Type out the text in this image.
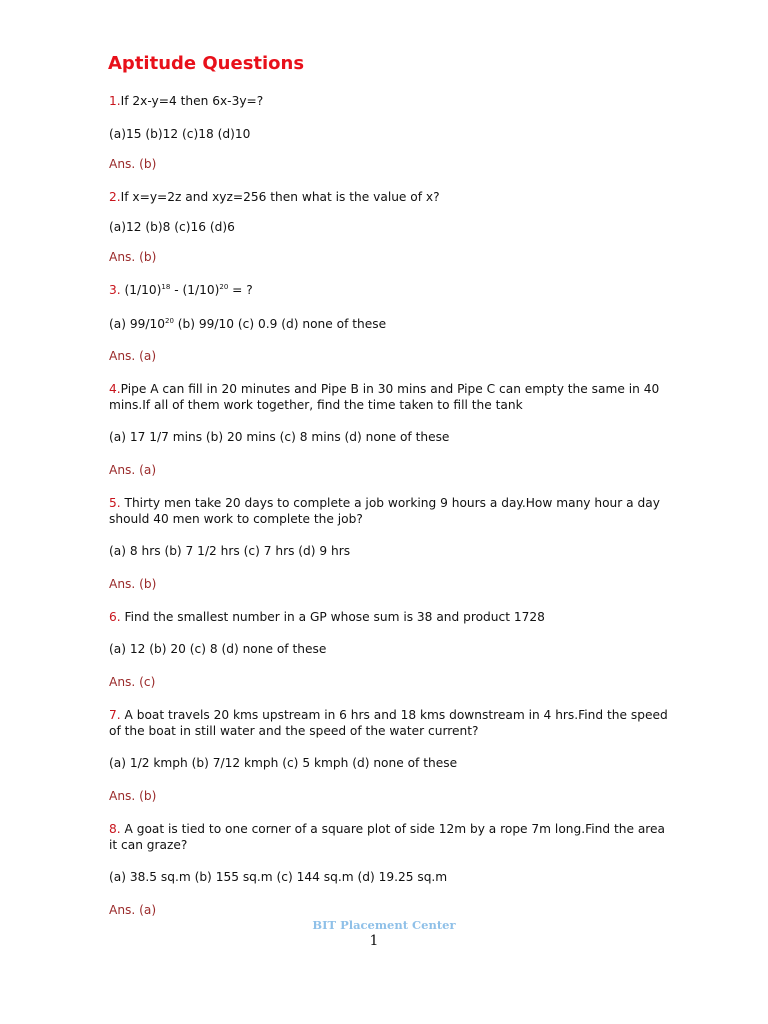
Aptitude Questions

1.If 2x-y=4 then 6x-3y=?

(a)15 (b)12 (c)18 (d)10

Ans. (b)

2.If x=y=2z and xyz=256 then what is the value of x?

(a)12 (b)8 (c)16 (d)6

Ans. (b)

3. $(1/10)^{18} - (1/10)^{20}$ = ?

(a) $99/10^{20}$ (b) 99/10 (c) 0.9 (d) none of these

Ans. (a)

4.Pipe A can fill in 20 minutes and Pipe B in 30 mins and Pipe C can empty the same in 40 mins.If all of them work together, find the time taken to fill the tank

(a) 17 1/7 mins (b) 20 mins (c) 8 mins (d) none of these

Ans. (a)

5. Thirty men take 20 days to complete a job working 9 hours a day.How many hour a day should 40 men work to complete the job?

(a) 8 hrs (b) 7 1/2 hrs (c) 7 hrs (d) 9 hrs

Ans. (b)

6. Find the smallest number in a GP whose sum is 38 and product 1728

(a) 12 (b) 20 (c) 8 (d) none of these

Ans. (c)

7. A boat travels 20 kms upstream in 6 hrs and 18 kms downstream in 4 hrs.Find the speed of the boat in still water and the speed of the water current?

(a) 1/2 kmph (b) 7/12 kmph (c) 5 kmph (d) none of these

Ans. (b)

8. A goat is tied to one corner of a square plot of side 12m by a rope 7m long.Find the area it can graze?

(a) 38.5 sq.m (b) 155 sq.m (c) 144 sq.m (d) 19.25 sq.m

Ans. (a)

BIT Placement Center

1
